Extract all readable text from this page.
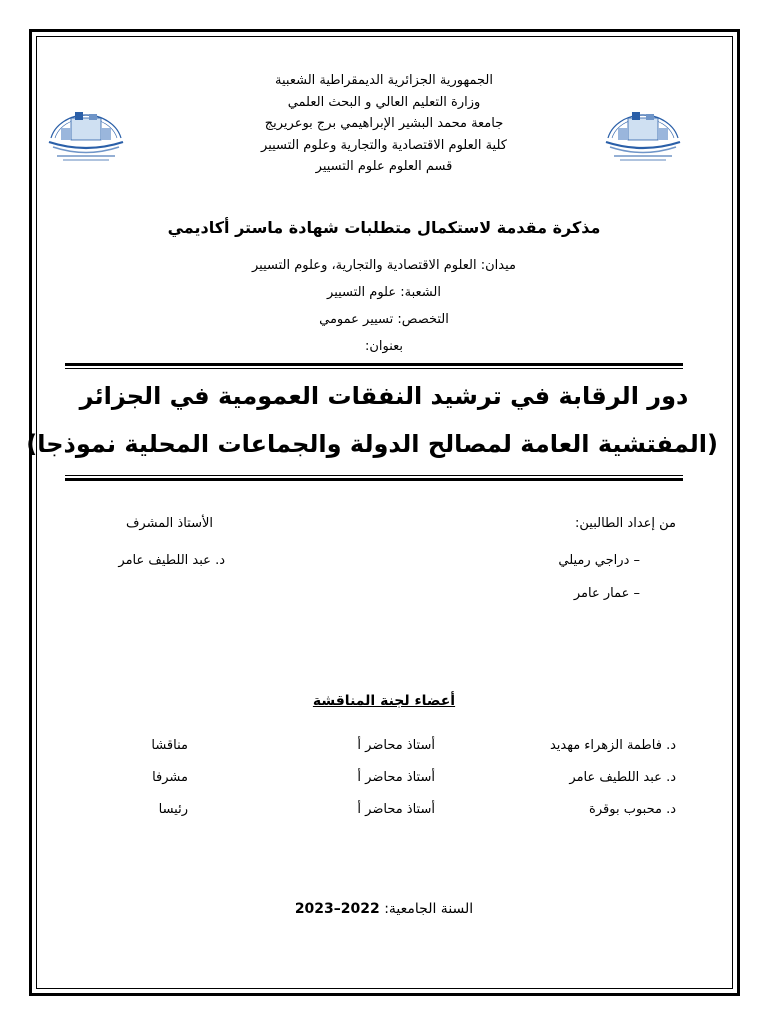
الجمهورية الجزائرية الديمقراطية الشعبية
وزارة التعليم العالي و البحث العلمي
جامعة محمد البشير الإبراهيمي برج بوعريريج
كلية العلوم الاقتصادية والتجارية وعلوم التسيير
قسم العلوم علوم التسيير
مذكرة مقدمة لاستكمال متطلبات شهادة ماستر أكاديمي
ميدان: العلوم الاقتصادية والتجارية، وعلوم التسيير
الشعبة: علوم التسيير
التخصص: تسيير عمومي
بعنوان:
دور الرقابة في ترشيد النفقات العمومية في الجزائر
(المفتشية العامة لمصالح الدولة والجماعات المحلية نموذجا)
من إعداد الطالبين:
– دراجي رميلي
– عمار عامر
الأستاذ المشرف
د. عبد اللطيف عامر
أعضاء لجنة المناقشة
د. فاطمة الزهراء مهديد
أستاذ محاضر أ
مناقشا
د. عبد اللطيف عامر
أستاذ محاضر أ
مشرفا
د. محبوب بوقرة
أستاذ محاضر أ
رئيسا
السنة الجامعية: 2022–2023
